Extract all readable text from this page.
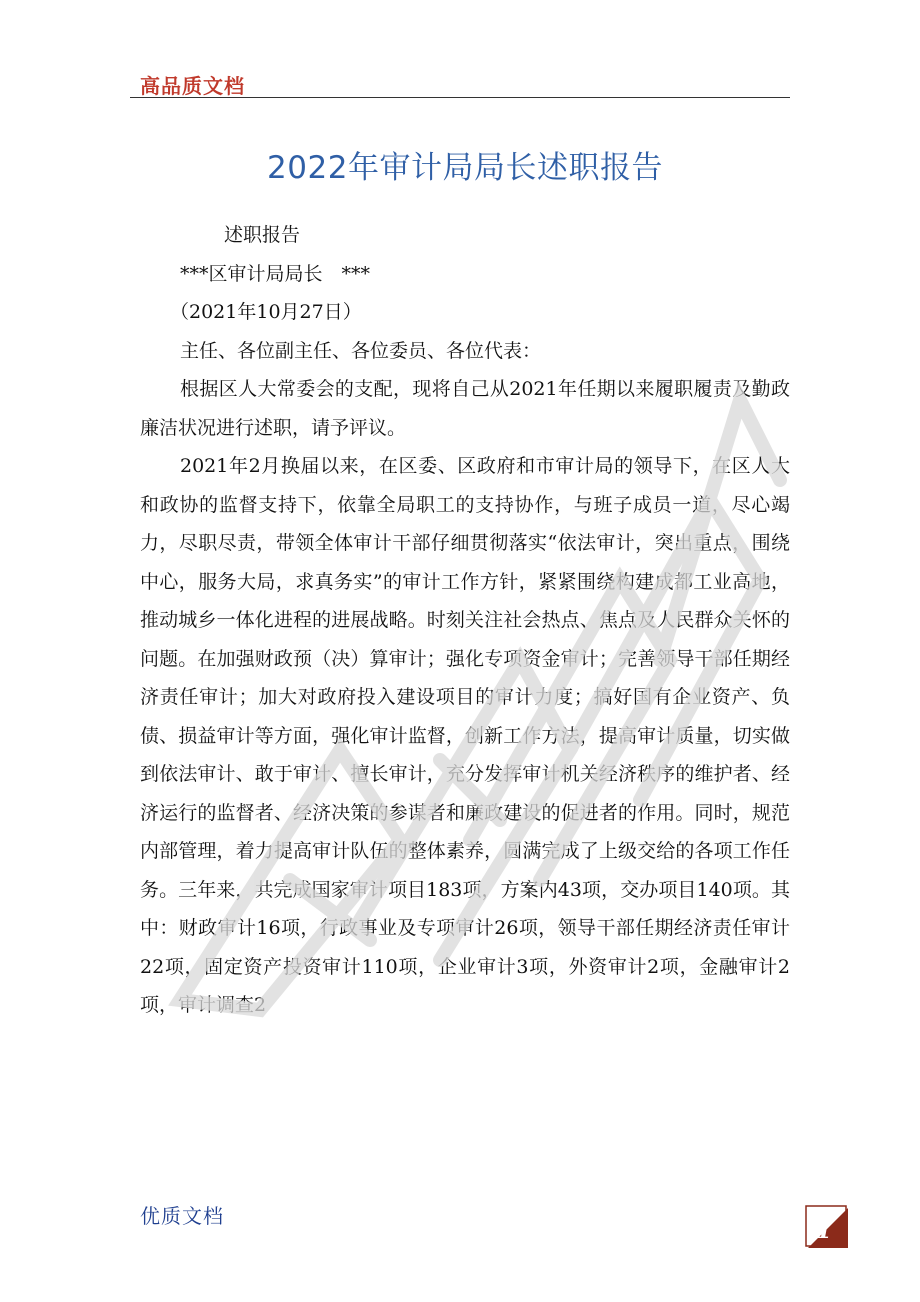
高品质文档
2022年审计局局长述职报告

述职报告

***区审计局局长　***

（2021年10月27日）

主任、各位副主任、各位委员、各位代表：

根据区人大常委会的支配，现将自己从2021年任期以来履职履责及勤政廉洁状况进行述职，请予评议。

2021年2月换届以来，在区委、区政府和市审计局的领导下，在区人大和政协的监督支持下，依靠全局职工的支持协作，与班子成员一道，尽心竭力，尽职尽责，带领全体审计干部仔细贯彻落实“依法审计，突出重点，围绕中心，服务大局，求真务实”的审计工作方针，紧紧围绕构建成都工业高地，推动城乡一体化进程的进展战略。时刻关注社会热点、焦点及人民群众关怀的问题。在加强财政预（决）算审计；强化专项资金审计；完善领导干部任期经济责任审计；加大对政府投入建设项目的审计力度；搞好国有企业资产、负债、损益审计等方面，强化审计监督，创新工作方法，提高审计质量，切实做到依法审计、敢于审计、擅长审计，充分发挥审计机关经济秩序的维护者、经济运行的监督者、经济决策的参谋者和廉政建设的促进者的作用。同时，规范内部管理，着力提高审计队伍的整体素养，圆满完成了上级交给的各项工作任务。三年来，共完成国家审计项目183项，方案内43项，交办项目140项。其中：财政审计16项，行政事业及专项审计26项，领导干部任期经济责任审计22项，固定资产投资审计110项，企业审计3项，外资审计2项，金融审计2项，审计调查2

优质文档
1
